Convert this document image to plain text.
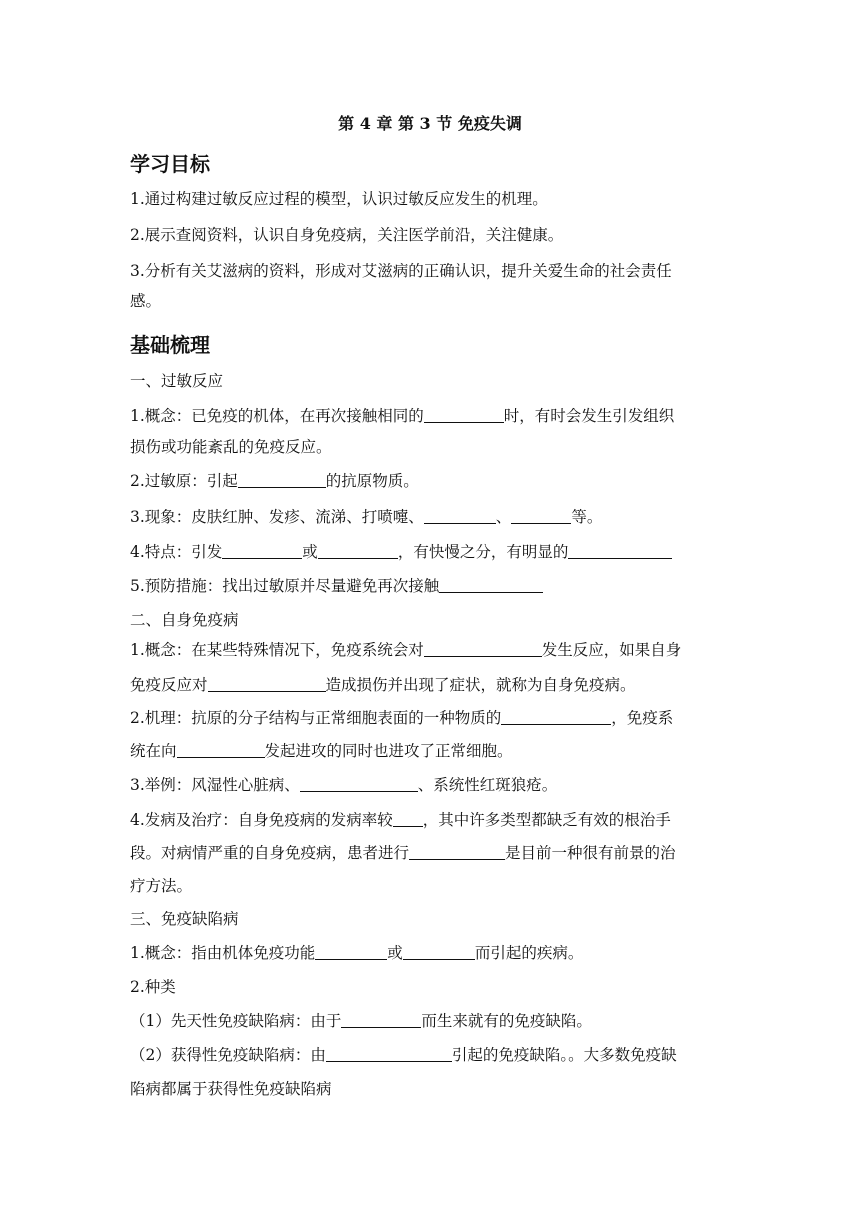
第 4 章 第 3 节 免疫失调
学习目标
1.通过构建过敏反应过程的模型，认识过敏反应发生的机理。
2.展示查阅资料，认识自身免疫病，关注医学前沿，关注健康。
3.分析有关艾滋病的资料，形成对艾滋病的正确认识，提升关爱生命的社会责任
感。
基础梳理
一、过敏反应
1.概念：已免疫的机体，在再次接触相同的	时，有时会发生引发组织
损伤或功能紊乱的免疫反应。
2.过敏原：引起	的抗原物质。
3.现象：皮肤红肿、发疹、流涕、打喷嚏、	、	等。
4.特点：引发	或	，有快慢之分，有明显的
5.预防措施：找出过敏原并尽量避免再次接触
二、自身免疫病
1.概念：在某些特殊情况下，免疫系统会对	发生反应，如果自身
免疫反应对	造成损伤并出现了症状，就称为自身免疫病。
2.机理：抗原的分子结构与正常细胞表面的一种物质的	，免疫系
统在向	发起进攻的同时也进攻了正常细胞。
3.举例：风湿性心脏病、	、系统性红斑狼疮。
4.发病及治疗：自身免疫病的发病率较 ，其中许多类型都缺乏有效的根治手
段。对病情严重的自身免疫病，患者进行	是目前一种很有前景的治
疗方法。
三、免疫缺陷病
1.概念：指由机体免疫功能	或	而引起的疾病。
2.种类
（1）先天性免疫缺陷病：由于	而生来就有的免疫缺陷。
（2）获得性免疫缺陷病：由	引起的免疫缺陷。。大多数免疫缺
陷病都属于获得性免疫缺陷病
